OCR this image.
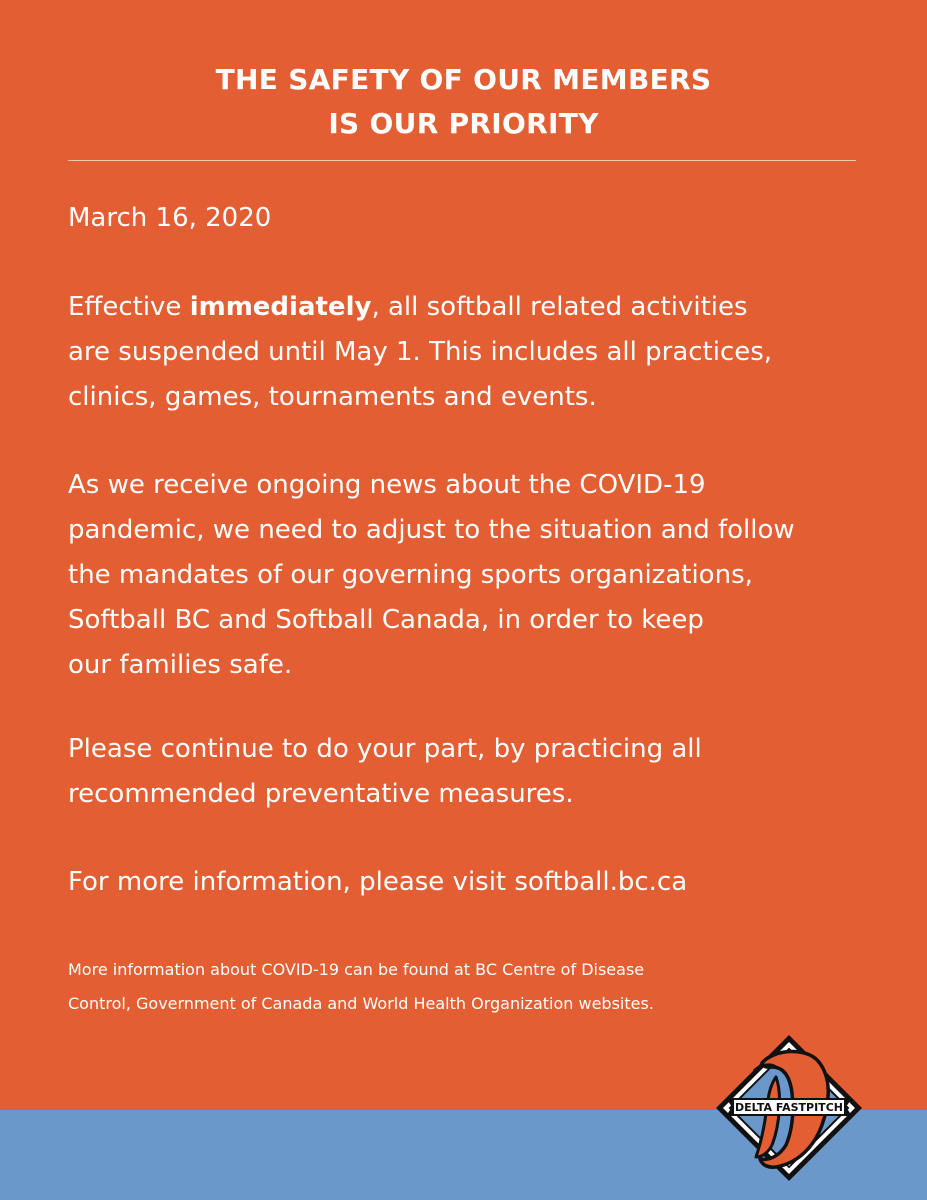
THE SAFETY OF OUR MEMBERS
IS OUR PRIORITY

March 16, 2020

Effective immediately, all softball related activities
are suspended until May 1. This includes all practices,
clinics, games, tournaments and events.

As we receive ongoing news about the COVID-19
pandemic, we need to adjust to the situation and follow
the mandates of our governing sports organizations,
Softball BC and Softball Canada, in order to keep
our families safe.

Please continue to do your part, by practicing all
recommended preventative measures.

For more information, please visit softball.bc.ca

More information about COVID-19 can be found at BC Centre of Disease
Control, Government of Canada and World Health Organization websites.
DELTA FASTPITCH
